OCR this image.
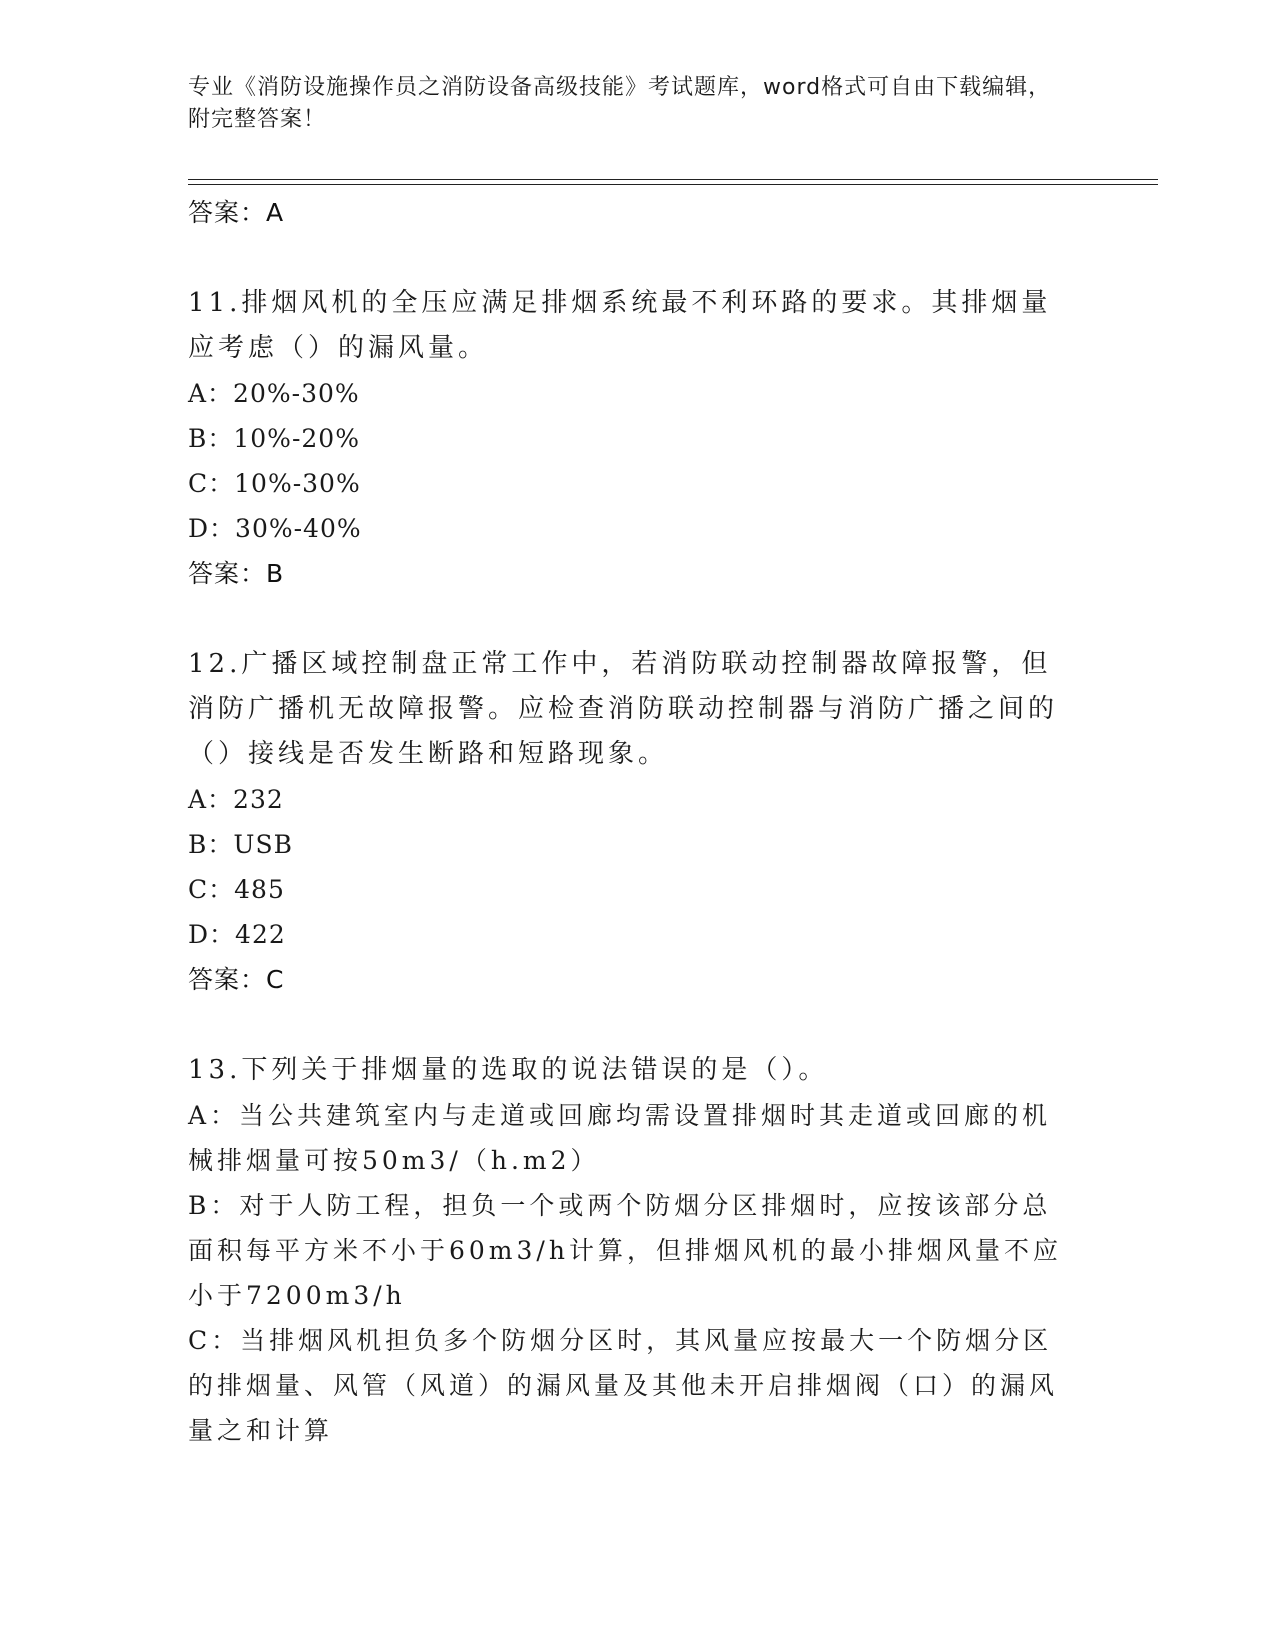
专业《消防设施操作员之消防设备高级技能》考试题库，word格式可自由下载编辑，附完整答案！
答案：A

11.排烟风机的全压应满足排烟系统最不利环路的要求。其排烟量应考虑（）的漏风量。

A：20%-30%

B：10%-20%

C：10%-30%

D：30%-40%

答案：B

12.广播区域控制盘正常工作中，若消防联动控制器故障报警，但消防广播机无故障报警。应检查消防联动控制器与消防广播之间的（）接线是否发生断路和短路现象。

A：232

B：USB

C：485

D：422

答案：C

13.下列关于排烟量的选取的说法错误的是（）。

A：当公共建筑室内与走道或回廊均需设置排烟时其走道或回廊的机械排烟量可按50m3/（h.m2）

B：对于人防工程，担负一个或两个防烟分区排烟时，应按该部分总面积每平方米不小于60m3/h计算，但排烟风机的最小排烟风量不应小于7200m3/h

C：当排烟风机担负多个防烟分区时，其风量应按最大一个防烟分区的排烟量、风管（风道）的漏风量及其他未开启排烟阀（口）的漏风量之和计算
